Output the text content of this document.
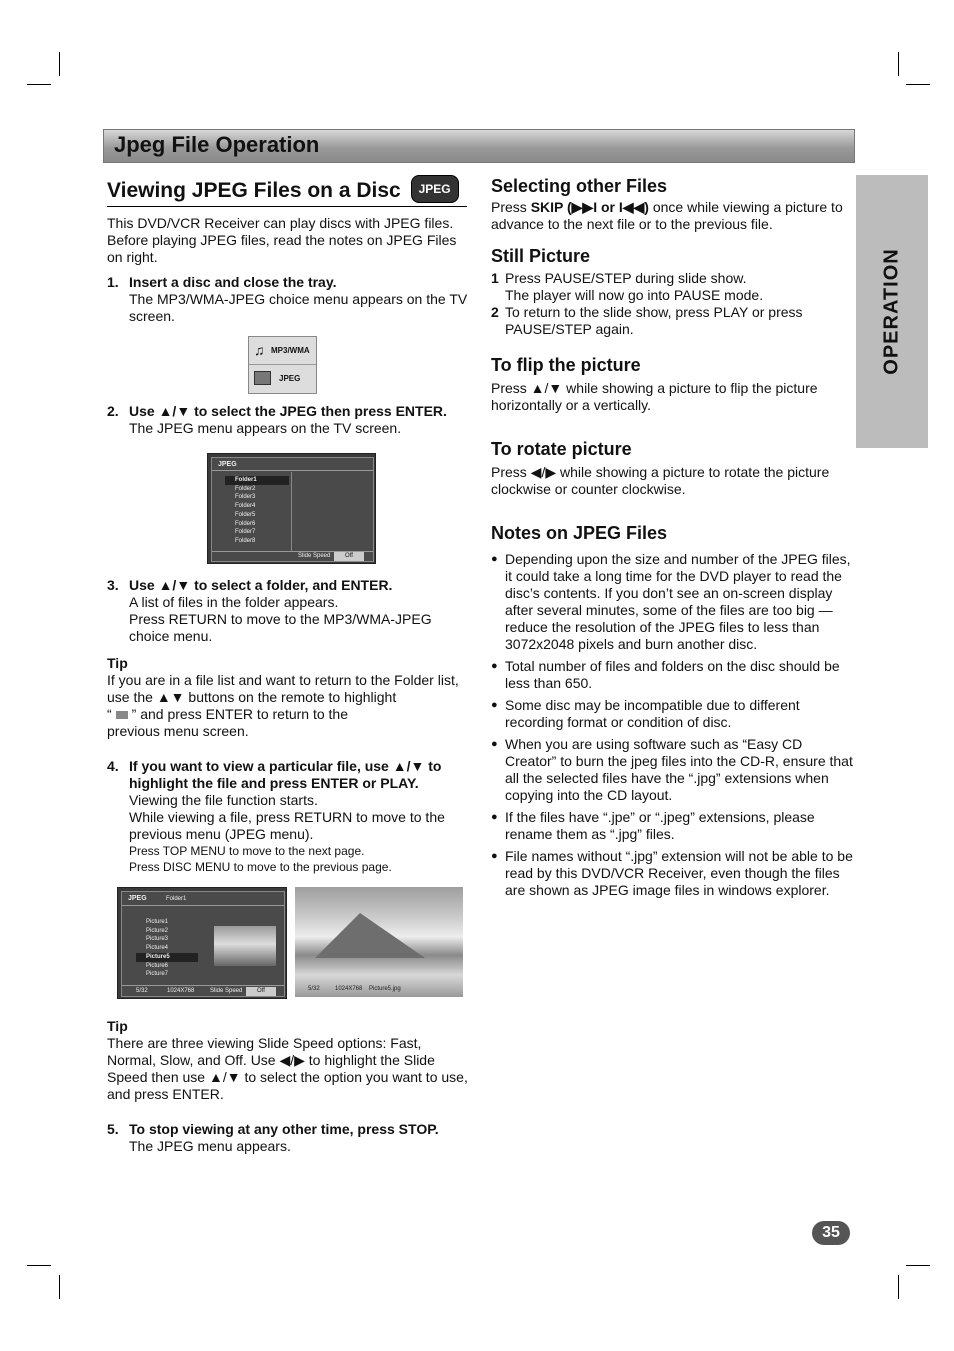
Jpeg File Operation
OPERATION
Viewing JPEG Files on a Disc JPEG

This DVD/VCR Receiver can play discs with JPEG files. Before playing JPEG files, read the notes on JPEG Files on right.

1. Insert a disc and close the tray.

The MP3/WMA-JPEG choice menu appears on the TV screen.

♫ MP3/WMA
JPEG
2. Use ▲/▼ to select the JPEG then press ENTER.

The JPEG menu appears on the TV screen.

JPEG
Folder1
Folder2
Folder3
Folder4
Folder5
Folder6
Folder7
Folder8
Slide Speed	Off
3. Use ▲/▼ to select a folder, and ENTER.

A list of files in the folder appears.

Press RETURN to move to the MP3/WMA-JPEG choice menu.

Tip

If you are in a file list and want to return to the Folder list, use the ▲▼ buttons on the remote to highlight

“ ” and press ENTER to return to the

previous menu screen.

4. If you want to view a particular file, use ▲/▼ to highlight the file and press ENTER or PLAY.

Viewing the file function starts.

While viewing a file, press RETURN to move to the previous menu (JPEG menu).

Press TOP MENU to move to the next page.

Press DISC MENU to move to the previous page.

JPEG	Folder1
Picture1
Picture2
Picture3
Picture4
Picture5
Picture6
Picture7
5/32	1024X768	Slide Speed	Off	5/32	1024X768 Picture5.jpg

Tip

There are three viewing Slide Speed options: Fast, Normal, Slow, and Off. Use ◀/▶ to highlight the Slide Speed then use ▲/▼ to select the option you want to use, and press ENTER.

5. To stop viewing at any other time, press STOP.

The JPEG menu appears.

Selecting other Files

Press SKIP (▶▶I or I◀◀) once while viewing a picture to advance to the next file or to the previous file.

Still Picture
1 Press PAUSE/STEP during slide show.

The player will now go into PAUSE mode.

2 To return to the slide show, press PLAY or press PAUSE/STEP again.

To flip the picture

Press ▲/▼ while showing a picture to flip the picture horizontally or a vertically.

To rotate picture

Press ◀/▶ while showing a picture to rotate the picture clockwise or counter clockwise.

Notes on JPEG Files

● Depending upon the size and number of the JPEG files, it could take a long time for the DVD player to read the disc’s contents. If you don’t see an on-screen display after several minutes, some of the files are too big — reduce the resolution of the JPEG files to less than 3072x2048 pixels and burn another disc.

● Total number of files and folders on the disc should be less than 650.

● Some disc may be incompatible due to different recording format or condition of disc.

● When you are using software such as “Easy CD Creator” to burn the jpeg files into the CD-R, ensure that all the selected files have the “.jpg” extensions when copying into the CD layout.

● If the files have “.jpe” or “.jpeg” extensions, please rename them as “.jpg” files.

● File names without “.jpg” extension will not be able to be read by this DVD/VCR Receiver, even though the files are shown as JPEG image files in windows explorer.

35
